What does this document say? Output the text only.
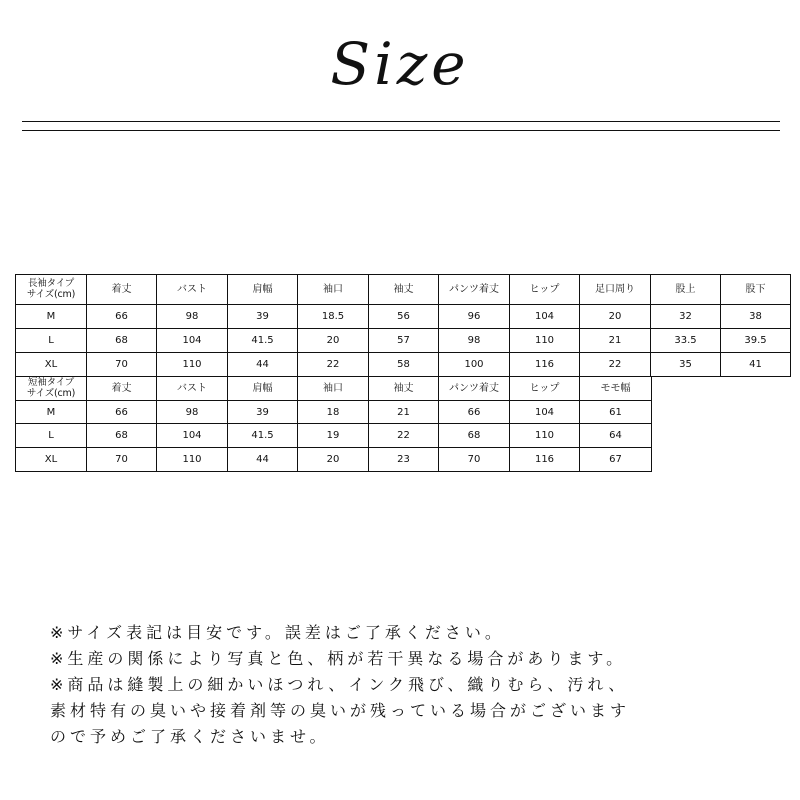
Size
長袖タイプ
サイズ(cm)	着丈	バスト	肩幅	袖口	袖丈	パンツ着丈	ヒップ	足口周り	股上	股下
M	66	98	39	18.5	56	96	104	20	32	38
L	68	104	41.5	20	57	98	110	21	33.5	39.5
XL	70	110	44	22	58	100	116	22	35	41
短袖タイプ
サイズ(cm)	着丈	バスト	肩幅	袖口	袖丈	パンツ着丈	ヒップ	モモ幅
M	66	98	39	18	21	66	104	61
L	68	104	41.5	19	22	68	110	64
XL	70	110	44	20	23	70	116	67
※サイズ表記は目安です。誤差はご了承ください。
※生産の関係により写真と色、柄が若干異なる場合があります。
※商品は縫製上の細かいほつれ、インク飛び、織りむら、汚れ、
素材特有の臭いや接着剤等の臭いが残っている場合がございます
ので予めご了承くださいませ。
